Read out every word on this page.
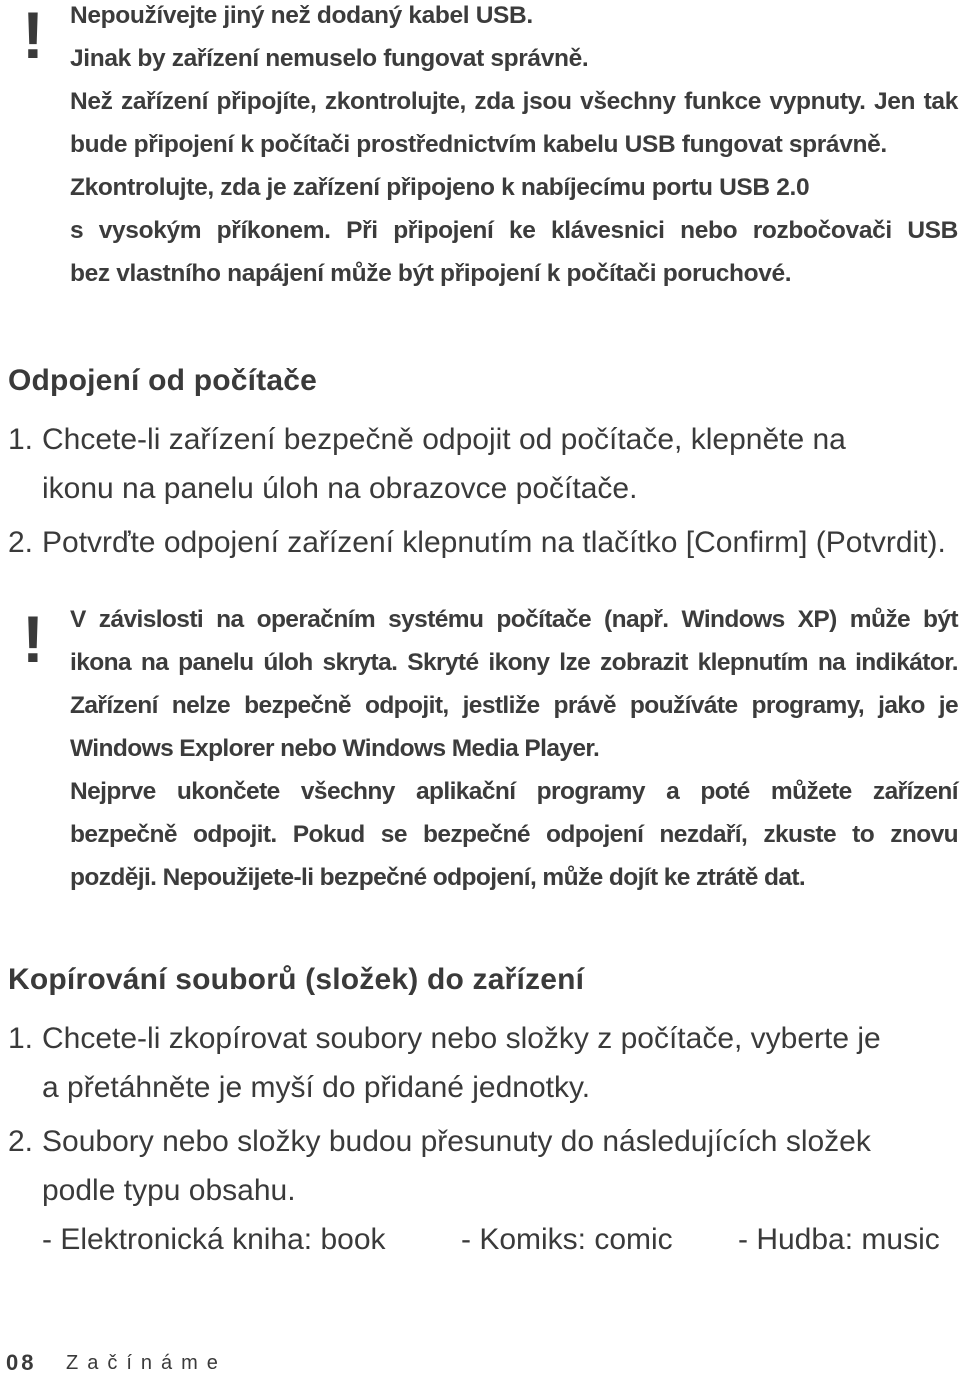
! Nepoužívejte jiný než dodaný kabel USB.
Jinak by zařízení nemuselo fungovat správně.
Než zařízení připojíte, zkontrolujte, zda jsou všechny funkce vypnuty. Jen tak
bude připojení k počítači prostřednictvím kabelu USB fungovat správně.
Zkontrolujte, zda je zařízení připojeno k nabíjecímu portu USB 2.0
s vysokým příkonem. Při připojení ke klávesnici nebo rozbočovači USB
bez vlastního napájení může být připojení k počítači poruchové.
Odpojení od počítače
1. Chcete-li zařízení bezpečně odpojit od počítače, klepněte na
ikonu na panelu úloh na obrazovce počítače.
2. Potvrďte odpojení zařízení klepnutím na tlačítko [Confirm] (Potvrdit).
! V závislosti na operačním systému počítače (např. Windows XP) může být
ikona na panelu úloh skryta. Skryté ikony lze zobrazit klepnutím na indikátor.
Zařízení nelze bezpečně odpojit, jestliže právě používáte programy, jako je
Windows Explorer nebo Windows Media Player.
Nejprve ukončete všechny aplikační programy a poté můžete zařízení
bezpečně odpojit. Pokud se bezpečné odpojení nezdaří, zkuste to znovu
později. Nepoužijete-li bezpečné odpojení, může dojít ke ztrátě dat.
Kopírování souborů (složek) do zařízení
1. Chcete-li zkopírovat soubory nebo složky z počítače, vyberte je
a přetáhněte je myší do přidané jednotky.
2. Soubory nebo složky budou přesunuty do následujících složek
podle typu obsahu.
- Elektronická kniha: book	- Komiks: comic - Hudba: music
08 Začínáme
